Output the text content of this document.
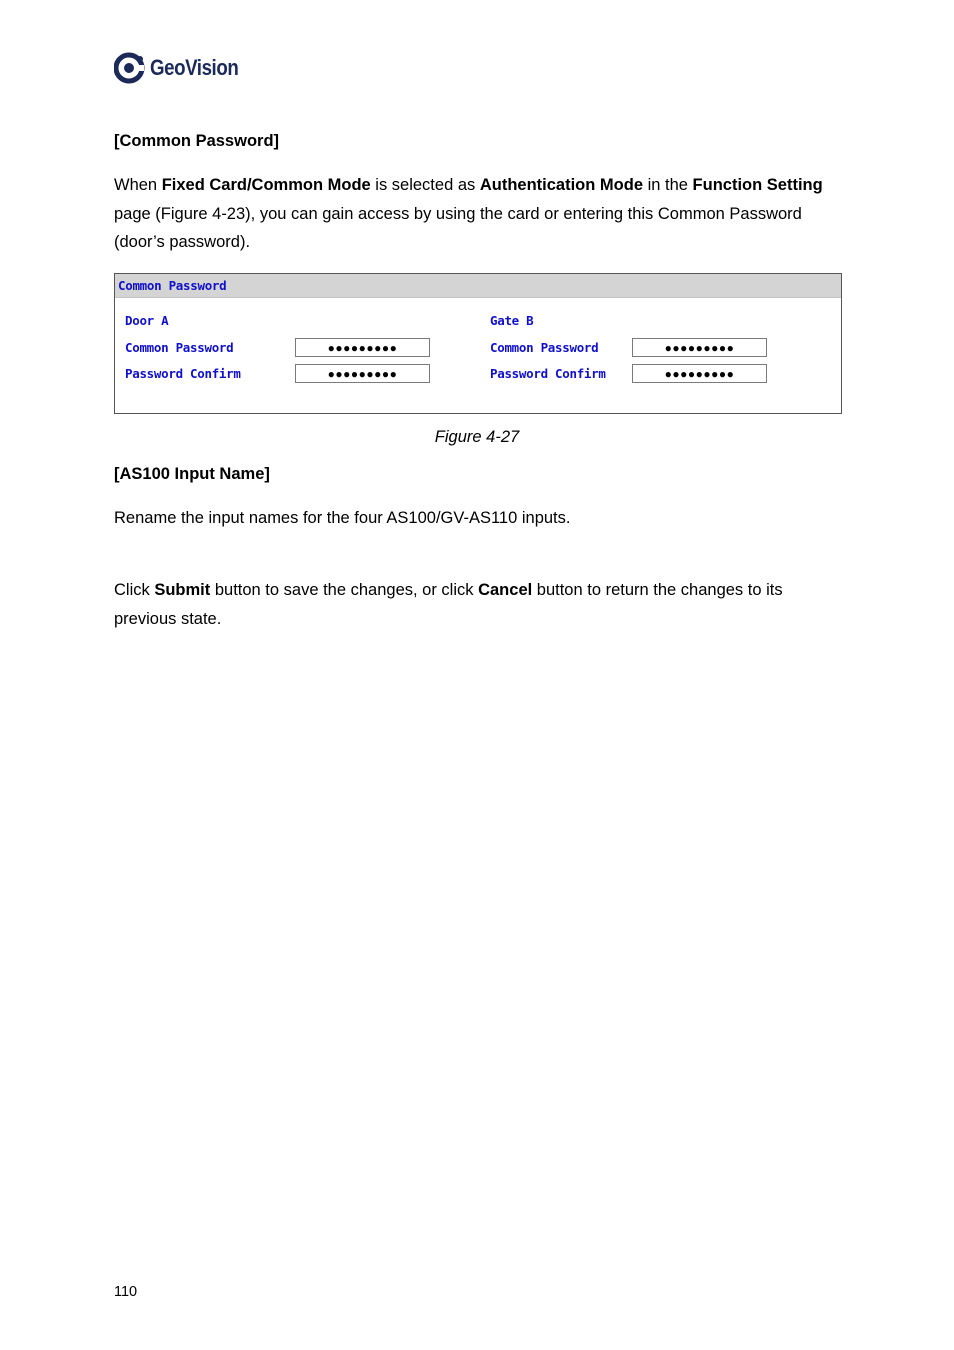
GeoVision
[Common Password]

When Fixed Card/Common Mode is selected as Authentication Mode in the Function Setting page (Figure 4-23), you can gain access by using the card or entering this Common Password (door’s password).

Common Password
Door A
Common Password	●●●●●●●●●
Password Confirm	●●●●●●●●●
Gate B
Common Password	●●●●●●●●●
Password Confirm	●●●●●●●●●
Figure 4-27
[AS100 Input Name]

Rename the input names for the four AS100/GV-AS110 inputs.

Click Submit button to save the changes, or click Cancel button to return the changes to its previous state.

110
